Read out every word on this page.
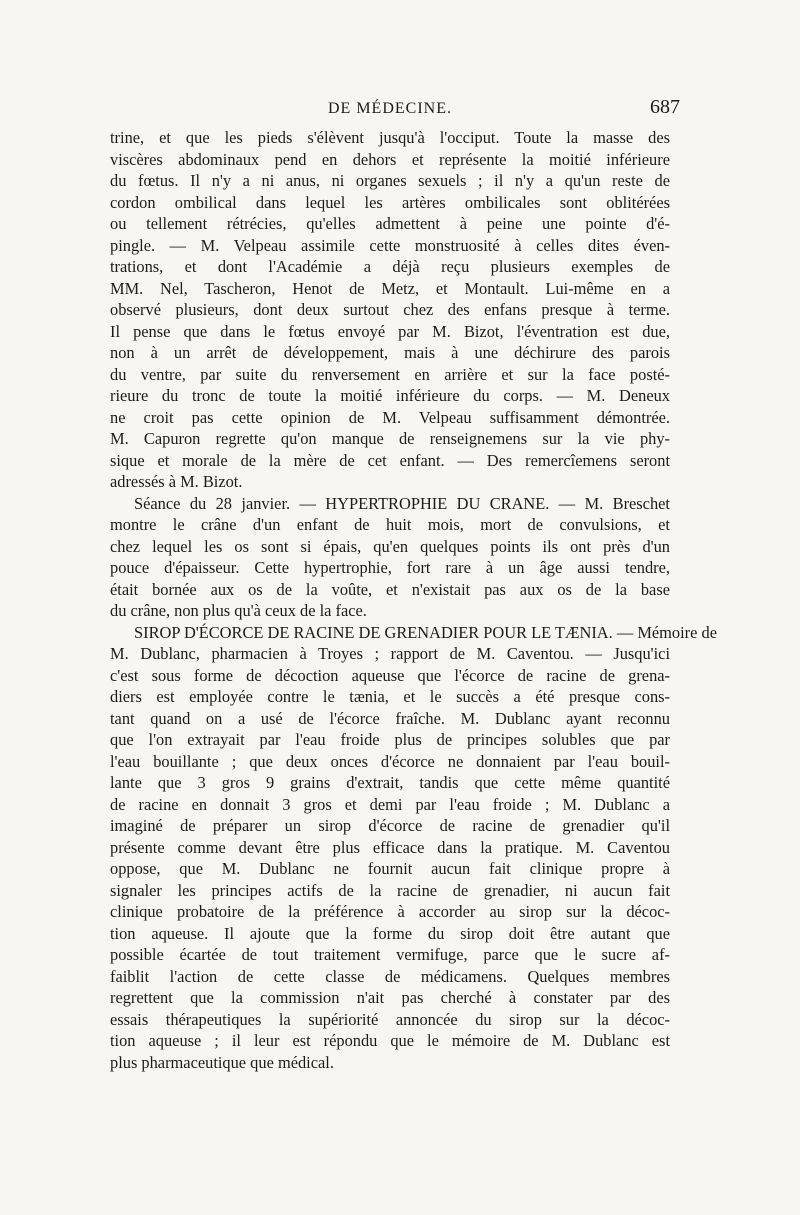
DE MÉDECINE.	687
trine, et que les pieds s'élèvent jusqu'à l'occiput. Toute la masse des
viscères abdominaux pend en dehors et représente la moitié inférieure
du fœtus. Il n'y a ni anus, ni organes sexuels ; il n'y a qu'un reste de
cordon ombilical dans lequel les artères ombilicales sont oblitérées
ou tellement rétrécies, qu'elles admettent à peine une pointe d'é-
pingle. — M. Velpeau assimile cette monstruosité à celles dites éven-
trations, et dont l'Académie a déjà reçu plusieurs exemples de
MM. Nel, Tascheron, Henot de Metz, et Montault. Lui-même en a
observé plusieurs, dont deux surtout chez des enfans presque à terme.
Il pense que dans le fœtus envoyé par M. Bizot, l'éventration est due,
non à un arrêt de développement, mais à une déchirure des parois
du ventre, par suite du renversement en arrière et sur la face posté-
rieure du tronc de toute la moitié inférieure du corps. — M. Deneux
ne croit pas cette opinion de M. Velpeau suffisamment démontrée.
M. Capuron regrette qu'on manque de renseignemens sur la vie phy-
sique et morale de la mère de cet enfant. — Des remercîemens seront
adressés à M. Bizot.
Séance du 28 janvier. — HYPERTROPHIE DU CRANE. — M. Breschet
montre le crâne d'un enfant de huit mois, mort de convulsions, et
chez lequel les os sont si épais, qu'en quelques points ils ont près d'un
pouce d'épaisseur. Cette hypertrophie, fort rare à un âge aussi tendre,
était bornée aux os de la voûte, et n'existait pas aux os de la base
du crâne, non plus qu'à ceux de la face.
SIROP D'ÉCORCE DE RACINE DE GRENADIER POUR LE TÆNIA. — Mémoire de
M. Dublanc, pharmacien à Troyes ; rapport de M. Caventou. — Jusqu'ici
c'est sous forme de décoction aqueuse que l'écorce de racine de grena-
diers est employée contre le tænia, et le succès a été presque cons-
tant quand on a usé de l'écorce fraîche. M. Dublanc ayant reconnu
que l'on extrayait par l'eau froide plus de principes solubles que par
l'eau bouillante ; que deux onces d'écorce ne donnaient par l'eau bouil-
lante que 3 gros 9 grains d'extrait, tandis que cette même quantité
de racine en donnait 3 gros et demi par l'eau froide ; M. Dublanc a
imaginé de préparer un sirop d'écorce de racine de grenadier qu'il
présente comme devant être plus efficace dans la pratique. M. Caventou
oppose, que M. Dublanc ne fournit aucun fait clinique propre à
signaler les principes actifs de la racine de grenadier, ni aucun fait
clinique probatoire de la préférence à accorder au sirop sur la décoc-
tion aqueuse. Il ajoute que la forme du sirop doit être autant que
possible écartée de tout traitement vermifuge, parce que le sucre af-
faiblit l'action de cette classe de médicamens. Quelques membres
regrettent que la commission n'ait pas cherché à constater par des
essais thérapeutiques la supériorité annoncée du sirop sur la décoc-
tion aqueuse ; il leur est répondu que le mémoire de M. Dublanc est
plus pharmaceutique que médical.
